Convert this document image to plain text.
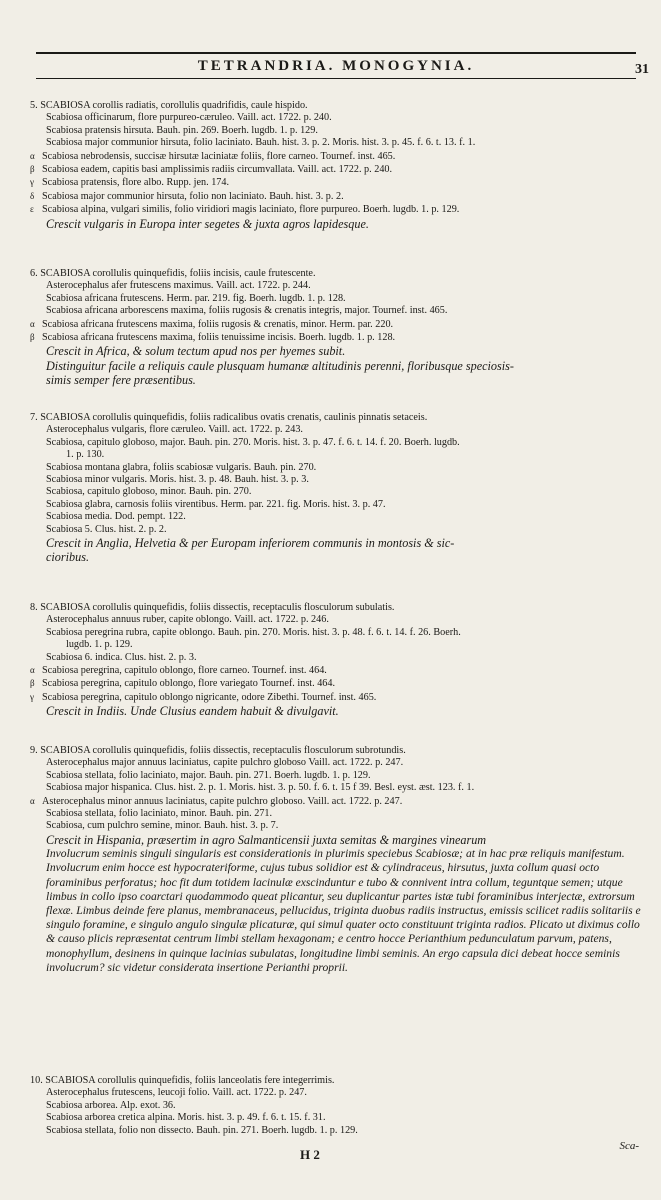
TETRANDRIA. MONOGYNIA.	31
5. SCABIOSA corollis radiatis, corollulis quadrifidis, caule hispido.
Scabiosa officinarum, flore purpureo-cæruleo. Vaill. act. 1722. p. 240.
Scabiosa pratensis hirsuta. Bauh. pin. 269. Boerh. lugdb. 1. p. 129.
Scabiosa major communior hirsuta, folio laciniato. Bauh. hist. 3. p. 2. Moris. hist. 3. p. 45. f. 6. t. 13. f. 1.
α Scabiosa nebrodensis, succisæ hirsutæ laciniatæ foliis, flore carneo. Tournef. inst. 465.
β Scabiosa eadem, capitis basi amplissimis radiis circumvallata. Vaill. act. 1722. p. 240.
γ Scabiosa pratensis, flore albo. Rupp. jen. 174.
δ Scabiosa major communior hirsuta, folio non laciniato. Bauh. hist. 3. p. 2.
ε Scabiosa alpina, vulgari similis, folio viridiori magis laciniato, flore purpureo. Boerh. lugdb. 1. p. 129.
Crescit vulgaris in Europa inter segetes & juxta agros lapidesque.
6. SCABIOSA corollulis quinquefidis, foliis incisis, caule frutescente.
Asterocephalus afer frutescens maximus. Vaill. act. 1722. p. 244.
Scabiosa africana frutescens. Herm. par. 219. fig. Boerh. lugdb. 1. p. 128.
Scabiosa africana arborescens maxima, foliis rugosis & crenatis integris, major. Tournef. inst. 465.
α Scabiosa africana frutescens maxima, foliis rugosis & crenatis, minor. Herm. par. 220.
β Scabiosa africana frutescens maxima, foliis tenuissime incisis. Boerh. lugdb. 1. p. 128.
Crescit in Africa, & solum tectum apud nos per hyemes subit.
Distinguitur facile a reliquis caule plusquam humanæ altitudinis perenni, floribusque speciosis-
simis semper fere præsentibus.
7. SCABIOSA corollulis quinquefidis, foliis radicalibus ovatis crenatis, caulinis pinnatis setaceis.
Asterocephalus vulgaris, flore cæruleo. Vaill. act. 1722. p. 243.
Scabiosa, capitulo globoso, major. Bauh. pin. 270. Moris. hist. 3. p. 47. f. 6. t. 14. f. 20. Boerh. lugdb.
1. p. 130.
Scabiosa montana glabra, foliis scabiosæ vulgaris. Bauh. pin. 270.
Scabiosa minor vulgaris. Moris. hist. 3. p. 48. Bauh. hist. 3. p. 3.
Scabiosa, capitulo globoso, minor. Bauh. pin. 270.
Scabiosa glabra, carnosis foliis virentibus. Herm. par. 221. fig. Moris. hist. 3. p. 47.
Scabiosa media. Dod. pempt. 122.
Scabiosa 5. Clus. hist. 2. p. 2.
Crescit in Anglia, Helvetia & per Europam inferiorem communis in montosis & sic-
cioribus.
8. SCABIOSA corollulis quinquefidis, foliis dissectis, receptaculis flosculorum subulatis.
Asterocephalus annuus ruber, capite oblongo. Vaill. act. 1722. p. 246.
Scabiosa peregrina rubra, capite oblongo. Bauh. pin. 270. Moris. hist. 3. p. 48. f. 6. t. 14. f. 26. Boerh.
lugdb. 1. p. 129.
Scabiosa 6. indica. Clus. hist. 2. p. 3.
α Scabiosa peregrina, capitulo oblongo, flore carneo. Tournef. inst. 464.
β Scabiosa peregrina, capitulo oblongo, flore variegato Tournef. inst. 464.
γ Scabiosa peregrina, capitulo oblongo nigricante, odore Zibethi. Tournef. inst. 465.
Crescit in Indiis. Unde Clusius eandem habuit & divulgavit.
9. SCABIOSA corollulis quinquefidis, foliis dissectis, receptaculis flosculorum subrotundis.
Asterocephalus major annuus laciniatus, capite pulchro globoso Vaill. act. 1722. p. 247.
Scabiosa stellata, folio laciniato, major. Bauh. pin. 271. Boerh. lugdb. 1. p. 129.
Scabiosa major hispanica. Clus. hist. 2. p. 1. Moris. hist. 3. p. 50. f. 6. t. 15 f 39. Besl. eyst. æst. 123. f. 1.
α Asterocephalus minor annuus laciniatus, capite pulchro globoso. Vaill. act. 1722. p. 247.
Scabiosa stellata, folio laciniato, minor. Bauh. pin. 271.
Scabiosa, cum pulchro semine, minor. Bauh. hist. 3. p. 7.
Crescit in Hispania, præsertim in agro Salmanticensii juxta semitas & margines vinearum
Involucrum seminis singuli singularis est considerationis in plurimis speciebus Scabiosæ; at in hac præ reliquis manifestum. Involucrum enim hocce est hypocrateriforme, cujus tubus solidior est & cylindraceus, hirsutus, juxta collum quasi octo foraminibus perforatus; hoc fit dum totidem lacinulæ exscinduntur e tubo & connivent intra collum, teguntque semen; utque limbus in collo ipso coarctari quodammodo queat plicantur, seu duplicantur partes istæ tubi foraminibus interjectæ, extrorsum flexæ. Limbus deinde fere planus, membranaceus, pellucidus, triginta duobus radiis instructus, emissis scilicet radiis solitariis e singulo foramine, e singulo angulo singulæ plicaturæ, qui simul quater octo constituunt triginta radios. Plicato ut diximus collo & causo plicis repræsentat centrum limbi stellam hexagonam; e centro hocce Perianthium pedunculatum parvum, patens, monophyllum, desinens in quinque lacinias subulatas, longitudine limbi seminis. An ergo capsula dici debeat hocce seminis involucrum? sic videtur considerata insertione Perianthi proprii.
10. SCABIOSA corollulis quinquefidis, foliis lanceolatis fere integerrimis.
Asterocephalus frutescens, leucoji folio. Vaill. act. 1722. p. 247.
Scabiosa arborea. Alp. exot. 36.
Scabiosa arborea cretica alpina. Moris. hist. 3. p. 49. f. 6. t. 15. f. 31.
Scabiosa stellata, folio non dissecto. Bauh. pin. 271. Boerh. lugdb. 1. p. 129.
H 2
Sca-
